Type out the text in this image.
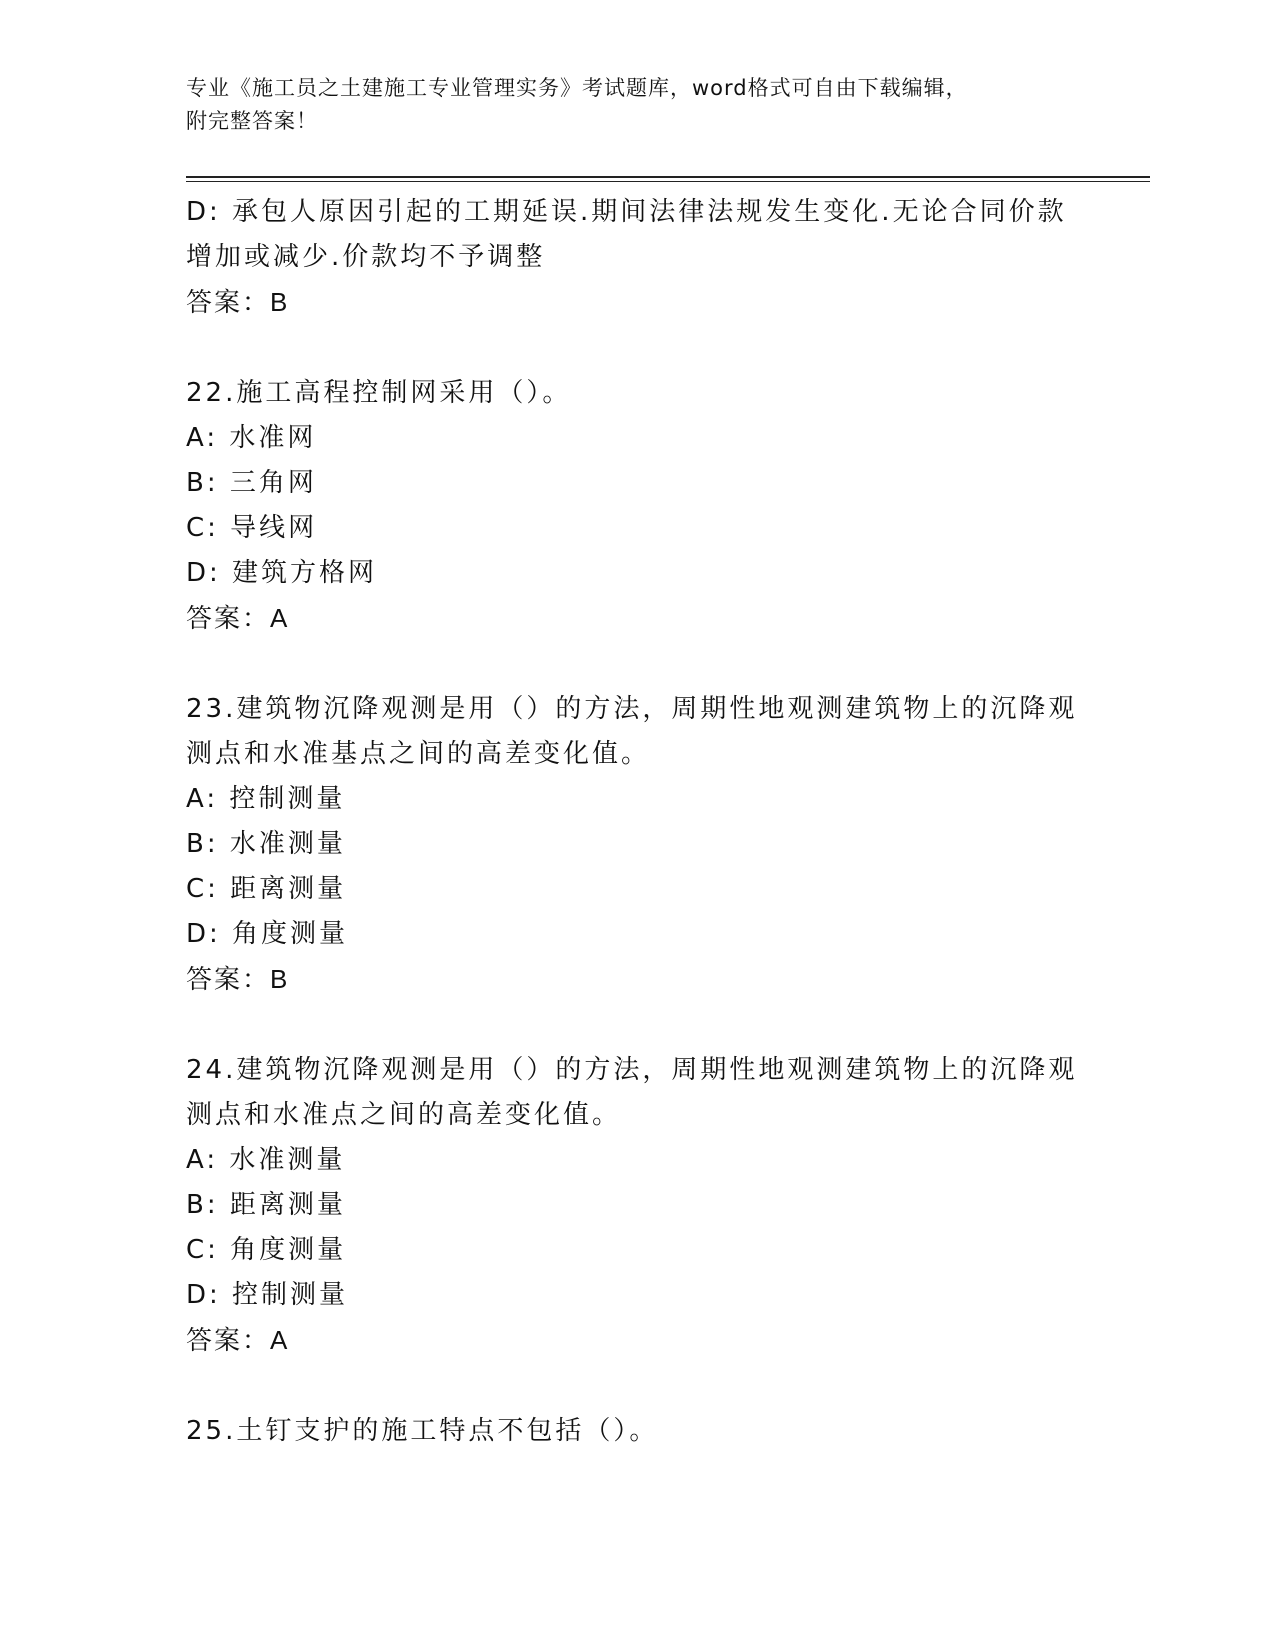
专业《施工员之土建施工专业管理实务》考试题库，word格式可自由下载编辑，
附完整答案！
D: 承包人原因引起的工期延误.期间法律法规发生变化.无论合同价款
增加或减少.价款均不予调整
答案：B
22.施工高程控制网采用（）。
A: 水准网
B: 三角网
C: 导线网
D: 建筑方格网
答案：A
23.建筑物沉降观测是用（）的方法，周期性地观测建筑物上的沉降观
测点和水准基点之间的高差变化值。
A: 控制测量
B: 水准测量
C: 距离测量
D: 角度测量
答案：B
24.建筑物沉降观测是用（）的方法，周期性地观测建筑物上的沉降观
测点和水准点之间的高差变化值。
A: 水准测量
B: 距离测量
C: 角度测量
D: 控制测量
答案：A
25.土钉支护的施工特点不包括（）。
